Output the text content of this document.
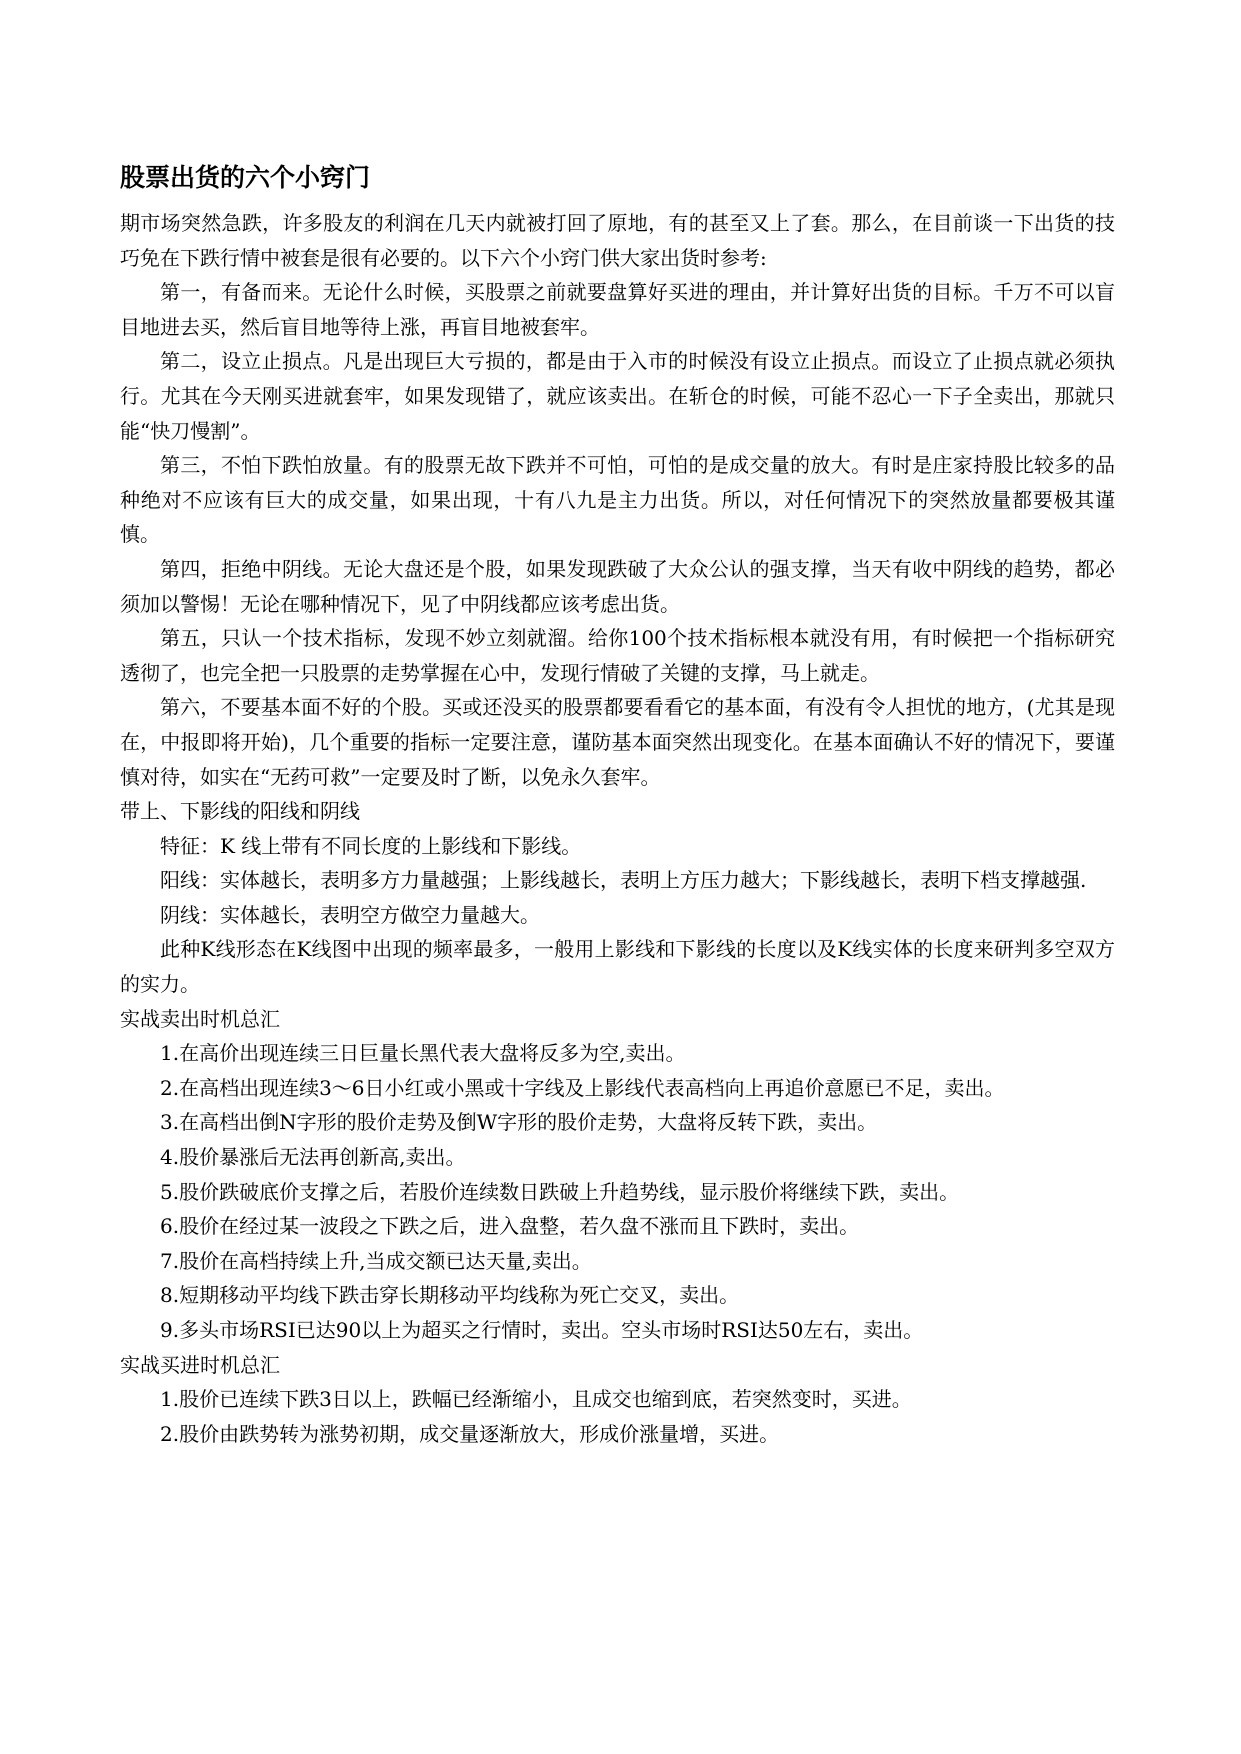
股票出货的六个小窍门

期市场突然急跌，许多股友的利润在几天内就被打回了原地，有的甚至又上了套。那么，在目前谈一下出货的技巧免在下跌行情中被套是很有必要的。以下六个小窍门供大家出货时参考:

第一，有备而来。无论什么时候，买股票之前就要盘算好买进的理由，并计算好出货的目标。千万不可以盲目地进去买，然后盲目地等待上涨，再盲目地被套牢。

第二，设立止损点。凡是出现巨大亏损的，都是由于入市的时候没有设立止损点。而设立了止损点就必须执行。尤其在今天刚买进就套牢，如果发现错了，就应该卖出。在斩仓的时候，可能不忍心一下子全卖出，那就只能“快刀慢割”。

第三，不怕下跌怕放量。有的股票无故下跌并不可怕，可怕的是成交量的放大。有时是庄家持股比较多的品种绝对不应该有巨大的成交量，如果出现，十有八九是主力出货。所以，对任何情况下的突然放量都要极其谨慎。

第四，拒绝中阴线。无论大盘还是个股，如果发现跌破了大众公认的强支撑，当天有收中阴线的趋势，都必须加以警惕！无论在哪种情况下，见了中阴线都应该考虑出货。

第五，只认一个技术指标，发现不妙立刻就溜。给你100个技术指标根本就没有用，有时候把一个指标研究透彻了，也完全把一只股票的走势掌握在心中，发现行情破了关键的支撑，马上就走。

第六，不要基本面不好的个股。买或还没买的股票都要看看它的基本面，有没有令人担忧的地方，(尤其是现在，中报即将开始)，几个重要的指标一定要注意，谨防基本面突然出现变化。在基本面确认不好的情况下，要谨慎对待，如实在“无药可救”一定要及时了断，以免永久套牢。

带上、下影线的阳线和阴线

特征：K 线上带有不同长度的上影线和下影线。

阳线：实体越长，表明多方力量越强；上影线越长，表明上方压力越大；下影线越长，表明下档支撑越强.

阴线：实体越长，表明空方做空力量越大。

此种K线形态在K线图中出现的频率最多，一般用上影线和下影线的长度以及K线实体的长度来研判多空双方的实力。

实战卖出时机总汇

1.在高价出现连续三日巨量长黑代表大盘将反多为空,卖出。

2.在高档出现连续3～6日小红或小黑或十字线及上影线代表高档向上再追价意愿已不足，卖出。

3.在高档出倒N字形的股价走势及倒W字形的股价走势，大盘将反转下跌，卖出。

4.股价暴涨后无法再创新高,卖出。

5.股价跌破底价支撑之后，若股价连续数日跌破上升趋势线，显示股价将继续下跌，卖出。

6.股价在经过某一波段之下跌之后，进入盘整，若久盘不涨而且下跌时，卖出。

7.股价在高档持续上升,当成交额已达天量,卖出。

8.短期移动平均线下跌击穿长期移动平均线称为死亡交叉，卖出。

9.多头市场RSI已达90以上为超买之行情时，卖出。空头市场时RSI达50左右，卖出。

实战买进时机总汇

1.股价已连续下跌3日以上，跌幅已经渐缩小，且成交也缩到底，若突然变时，买进。

2.股价由跌势转为涨势初期，成交量逐渐放大，形成价涨量增，买进。
